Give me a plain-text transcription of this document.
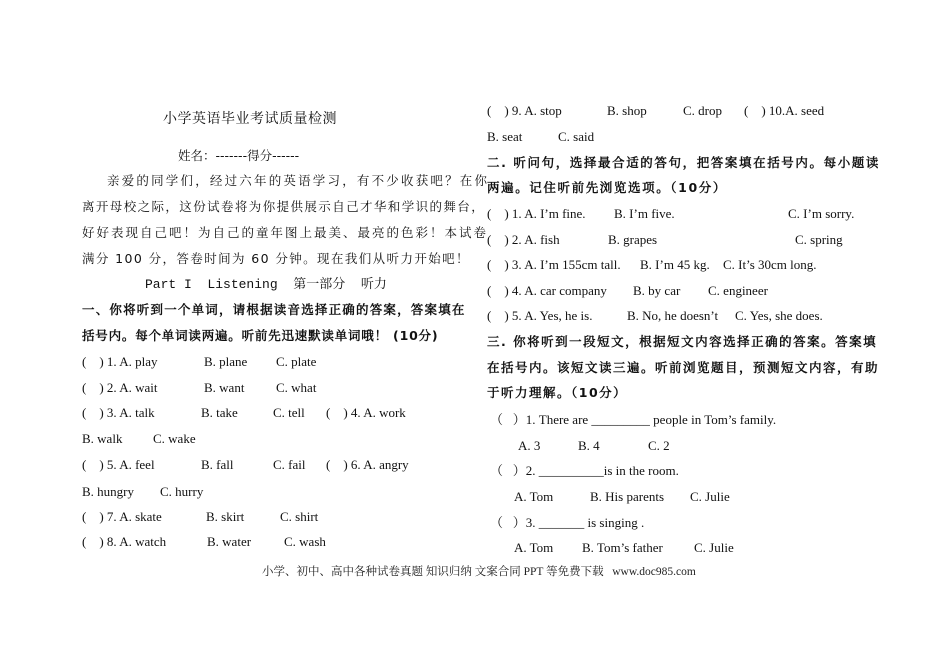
小学英语毕业考试质量检测
姓名：-------得分------
亲爱的同学们，经过六年的英语学习，有不少收获吧？在你
离开母校之际，这份试卷将为你提供展示自己才华和学识的舞台，
好好表现自己吧！为自己的童年图上最美、最亮的色彩！本试卷
满分 100 分，答卷时间为 60 分钟。现在我们从听力开始吧！
Part I  Listening  第一部分  听力
一、你将听到一个单词，请根据读音选择正确的答案，答案填在
括号内。每个单词读两遍。听前先迅速默读单词哦！ (10分)
(    ) 1. A. play	B. plane C. plate
(    ) 2. A. wait	B. want C. what
(    ) 3. A. talk	B. take	C. tell (    ) 4. A. work
B. walk C. wake
(    ) 5. A. feel	B. fall	C. fail (    ) 6. A. angry
B. hungry C. hurry
(    ) 7. A. skate	B. skirt	C. shirt
(    ) 8. A. watch	B. water	C. wash
(    ) 9. A. stop	B. shop	C. drop (    ) 10.A. seed
B. seat	C. said
二. 听问句，选择最合适的答句，把答案填在括号内。每小题读
两遍。记住听前先浏览选项。（10分）
(    ) 1. A. I’m fine. B. I’m five.	C. I’m sorry.
(    ) 2. A. fish	B. grapes	C. spring
(    ) 3. A. I’m 155cm tall. B. I’m 45 kg. C. It’s 30cm long.
(    ) 4. A. car company B. by car C. engineer
(    ) 5. A. Yes, he is.	B. No, he doesn’t C. Yes, she does.
三. 你将听到一段短文，根据短文内容选择正确的答案。答案填
在括号内。该短文读三遍。听前浏览题目，预测短文内容，有助
于听力理解。（10分）
（   ）1. There are _________ people in Tom’s family.
A. 3	B. 4	C. 2
（   ）2. __________is in the room.
A. Tom	B. His parents C. Julie
（   ）3. _______ is singing .
A. Tom B. Tom’s father C. Julie
小学、初中、高中各种试卷真题 知识归纳 文案合同 PPT 等免费下载   www.doc985.com
